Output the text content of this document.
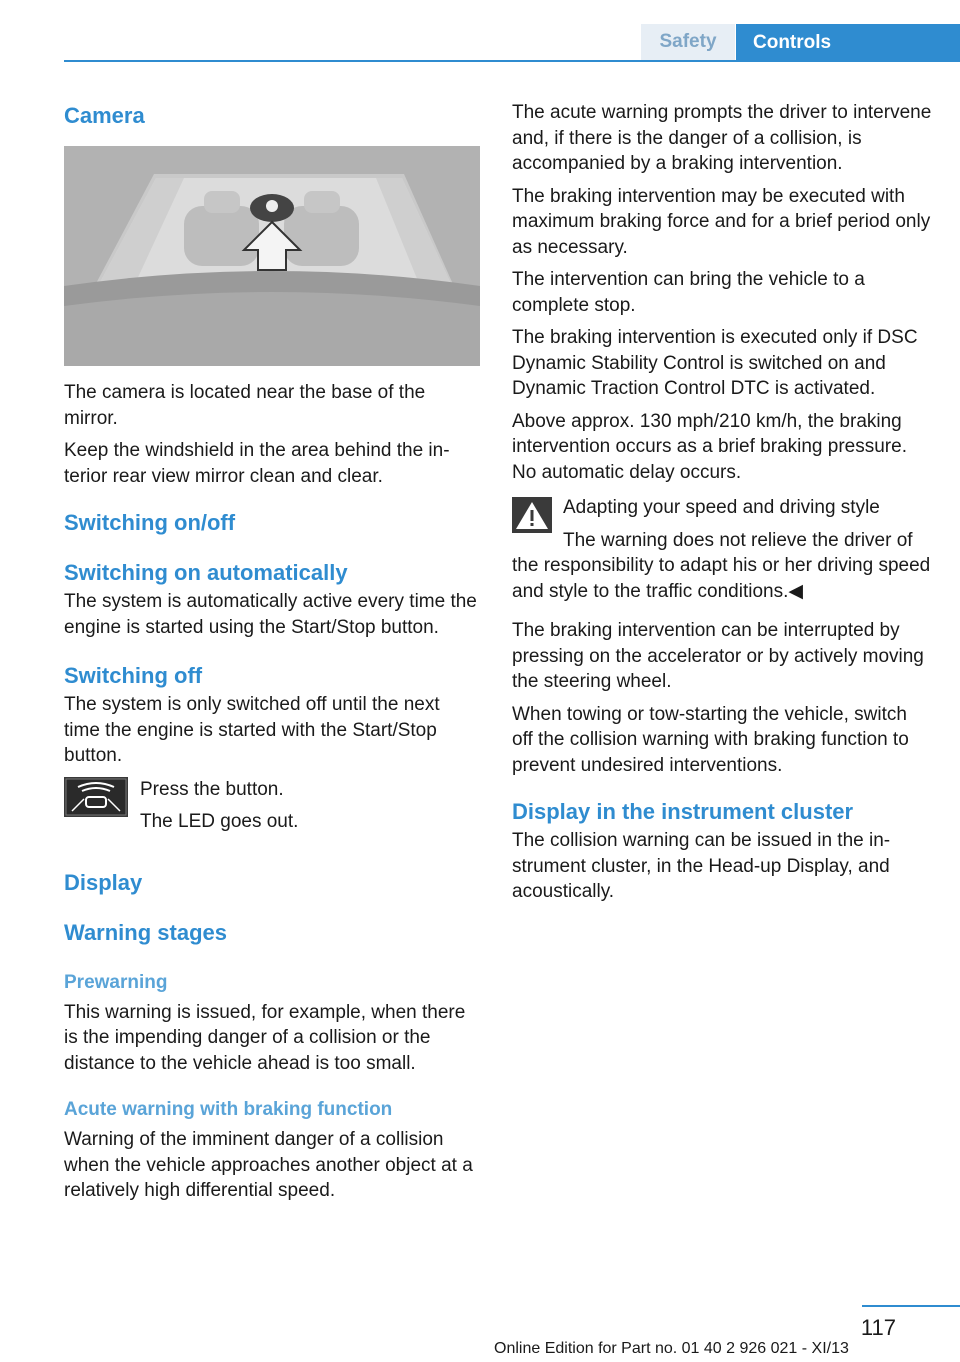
Safety	Controls
Camera

The camera is located near the base of the mirror.

Keep the windshield in the area behind the interior rear view mirror clean and clear.

Switching on/off
Switching on automatically

The system is automatically active every time the engine is started using the Start/Stop button.

Switching off

The system is only switched off until the next time the engine is started with the Start/Stop button.

Press the button.

The LED goes out.

Display
Warning stages
Prewarning

This warning is issued, for example, when there is the impending danger of a collision or the distance to the vehicle ahead is too small.

Acute warning with braking function

Warning of the imminent danger of a collision when the vehicle approaches another object at a relatively high differential speed.

The acute warning prompts the driver to intervene and, if there is the danger of a collision, is accompanied by a braking intervention.

The braking intervention may be executed with maximum braking force and for a brief period only as necessary.

The intervention can bring the vehicle to a complete stop.

The braking intervention is executed only if DSC Dynamic Stability Control is switched on and Dynamic Traction Control DTC is activated.

Above approx. 130 mph/210 km/h, the braking intervention occurs as a brief braking pressure. No automatic delay occurs.

Adapting your speed and driving style

The warning does not relieve the driver of the responsibility to adapt his or her driving speed and style to the traffic conditions.◀

The braking intervention can be interrupted by pressing on the accelerator or by actively moving the steering wheel.

When towing or tow-starting the vehicle, switch off the collision warning with braking function to prevent undesired interventions.

Display in the instrument cluster

The collision warning can be issued in the instrument cluster, in the Head-up Display, and acoustically.

117
Online Edition for Part no. 01 40 2 926 021 - XI/13
